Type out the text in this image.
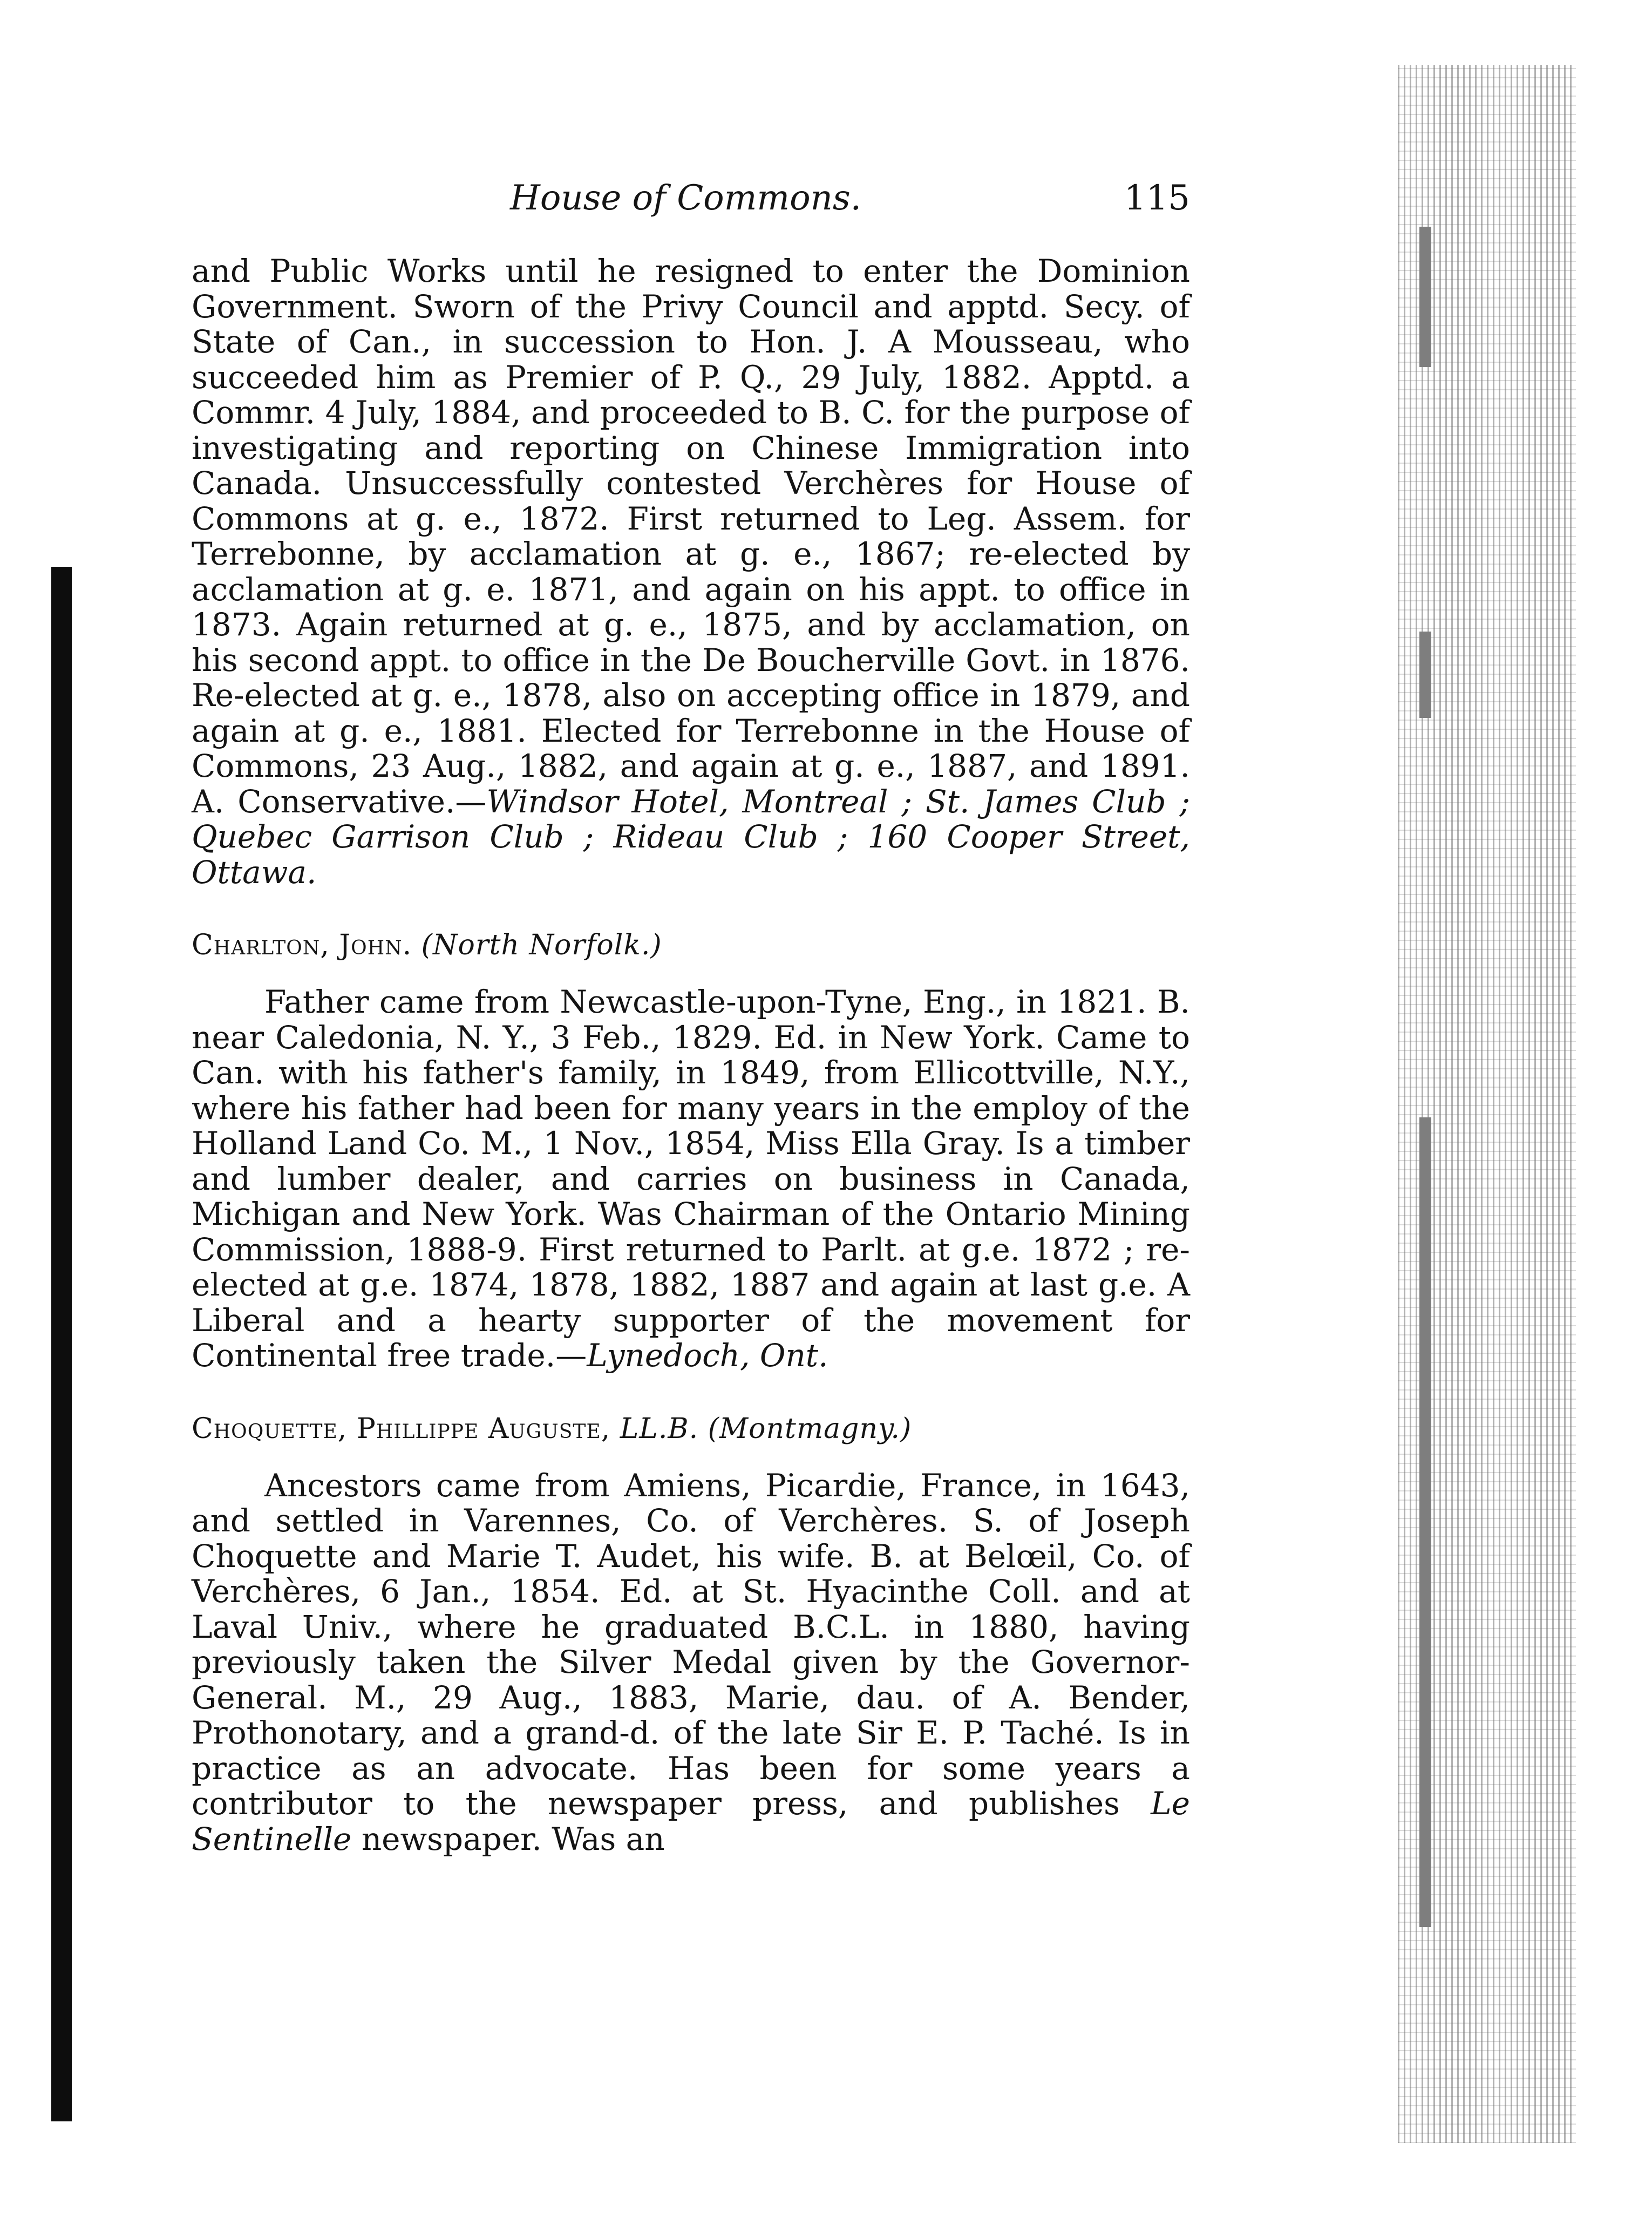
House of Commons.	115

and Public Works until he resigned to enter the Dominion Government. Sworn of the Privy Council and apptd. Secy. of State of Can., in succession to Hon. J. A Mousseau, who succeeded him as Premier of P. Q., 29 July, 1882. Apptd. a Commr. 4 July, 1884, and proceeded to B. C. for the purpose of investigating and reporting on Chinese Immigration into Canada. Unsuccessfully contested Verchères for House of Commons at g. e., 1872. First returned to Leg. Assem. for Terrebonne, by acclamation at g. e., 1867; re-elected by acclamation at g. e. 1871, and again on his appt. to office in 1873. Again returned at g. e., 1875, and by acclamation, on his second appt. to office in the De Boucherville Govt. in 1876. Re-elected at g. e., 1878, also on accepting office in 1879, and again at g. e., 1881. Elected for Terrebonne in the House of Commons, 23 Aug., 1882, and again at g. e., 1887, and 1891. A. Conservative.—Windsor Hotel, Montreal ; St. James Club ; Quebec Garrison Club ; Rideau Club ; 160 Cooper Street, Ottawa.

Charlton, John. (North Norfolk.)

Father came from Newcastle-upon-Tyne, Eng., in 1821. B. near Caledonia, N. Y., 3 Feb., 1829. Ed. in New York. Came to Can. with his father's family, in 1849, from Ellicottville, N.Y., where his father had been for many years in the employ of the Holland Land Co. M., 1 Nov., 1854, Miss Ella Gray. Is a timber and lumber dealer, and carries on business in Canada, Michigan and New York. Was Chairman of the Ontario Mining Commission, 1888-9. First returned to Parlt. at g.e. 1872 ; re-elected at g.e. 1874, 1878, 1882, 1887 and again at last g.e. A Liberal and a hearty supporter of the movement for Continental free trade.—Lynedoch, Ont.

Choquette, Phillippe Auguste, LL.B. (Montmagny.)

Ancestors came from Amiens, Picardie, France, in 1643, and settled in Varennes, Co. of Verchères. S. of Joseph Choquette and Marie T. Audet, his wife. B. at Belœil, Co. of Verchères, 6 Jan., 1854. Ed. at St. Hyacinthe Coll. and at Laval Univ., where he graduated B.C.L. in 1880, having previously taken the Silver Medal given by the Governor-General. M., 29 Aug., 1883, Marie, dau. of A. Bender, Prothonotary, and a grand-d. of the late Sir E. P. Taché. Is in practice as an advocate. Has been for some years a contributor to the newspaper press, and publishes Le Sentinelle newspaper. Was an
